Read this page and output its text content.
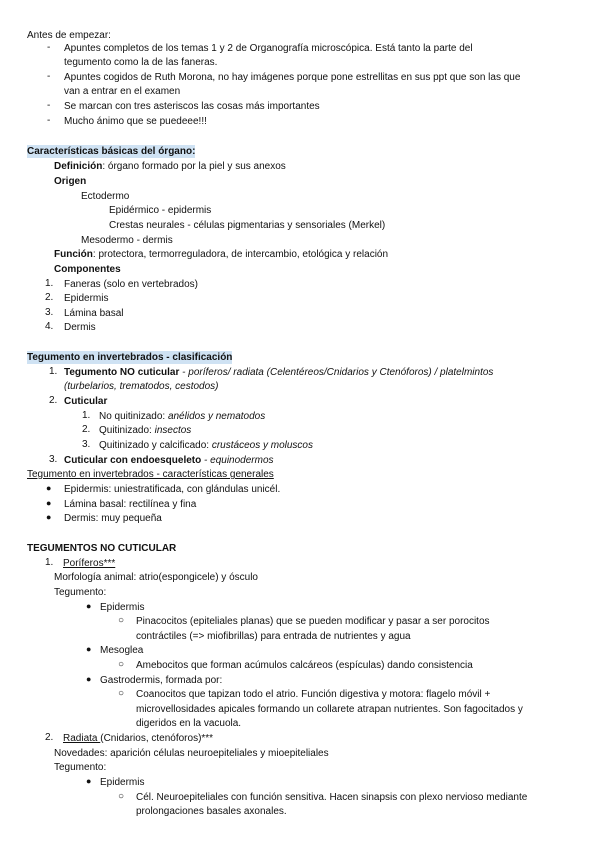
Antes de empezar:
- Apuntes completos de los temas 1 y 2 de Organografía microscópica. Está tanto la parte del
tegumento como la de las faneras.
- Apuntes cogidos de Ruth Morona, no hay imágenes porque pone estrellitas en sus ppt que son las que
van a entrar en el examen
- Se marcan con tres asteriscos las cosas más importantes
- Mucho ánimo que se puedeee!!!
Características básicas del órgano:
Definición: órgano formado por la piel y sus anexos
Origen
Ectodermo
Epidérmico - epidermis
Crestas neurales - células pigmentarias y sensoriales (Merkel)
Mesodermo - dermis
Función: protectora, termorreguladora, de intercambio, etológica y relación
Componentes
1. Faneras (solo en vertebrados)
2. Epidermis
3. Lámina basal
4. Dermis
Tegumento en invertebrados - clasificación
1. Tegumento NO cuticular - poríferos/ radiata (Celentéreos/Cnidarios y Ctenóforos) / platelmintos
(turbelarios, trematodos, cestodos)
2. Cuticular
1. No quitinizado: anélidos y nematodos
2. Quitinizado: insectos
3. Quitinizado y calcificado: crustáceos y moluscos
3. Cuticular con endoesqueleto - equinodermos
Tegumento en invertebrados - características generales
● Epidermis: uniestratificada, con glándulas unicél.
● Lámina basal: rectilínea y fina
● Dermis: muy pequeña
TEGUMENTOS NO CUTICULAR
1. Poríferos***
Morfología animal: atrio(espongicele) y ósculo
Tegumento:
● Epidermis
○ Pinacocitos (epiteliales planas) que se pueden modificar y pasar a ser porocitos
contráctiles (=> miofibrillas) para entrada de nutrientes y agua
● Mesoglea
○ Amebocitos que forman acúmulos calcáreos (espículas) dando consistencia
● Gastrodermis, formada por:
○ Coanocitos que tapizan todo el atrio. Función digestiva y motora: flagelo móvil +
microvellosidades apicales formando un collarete atrapan nutrientes. Son fagocitados y
digeridos en la vacuola.
2. Radiata (Cnidarios, ctenóforos)***
Novedades: aparición células neuroepiteliales y mioepiteliales
Tegumento:
● Epidermis
○ Cél. Neuroepiteliales con función sensitiva. Hacen sinapsis con plexo nervioso mediante
prolongaciones basales axonales.
